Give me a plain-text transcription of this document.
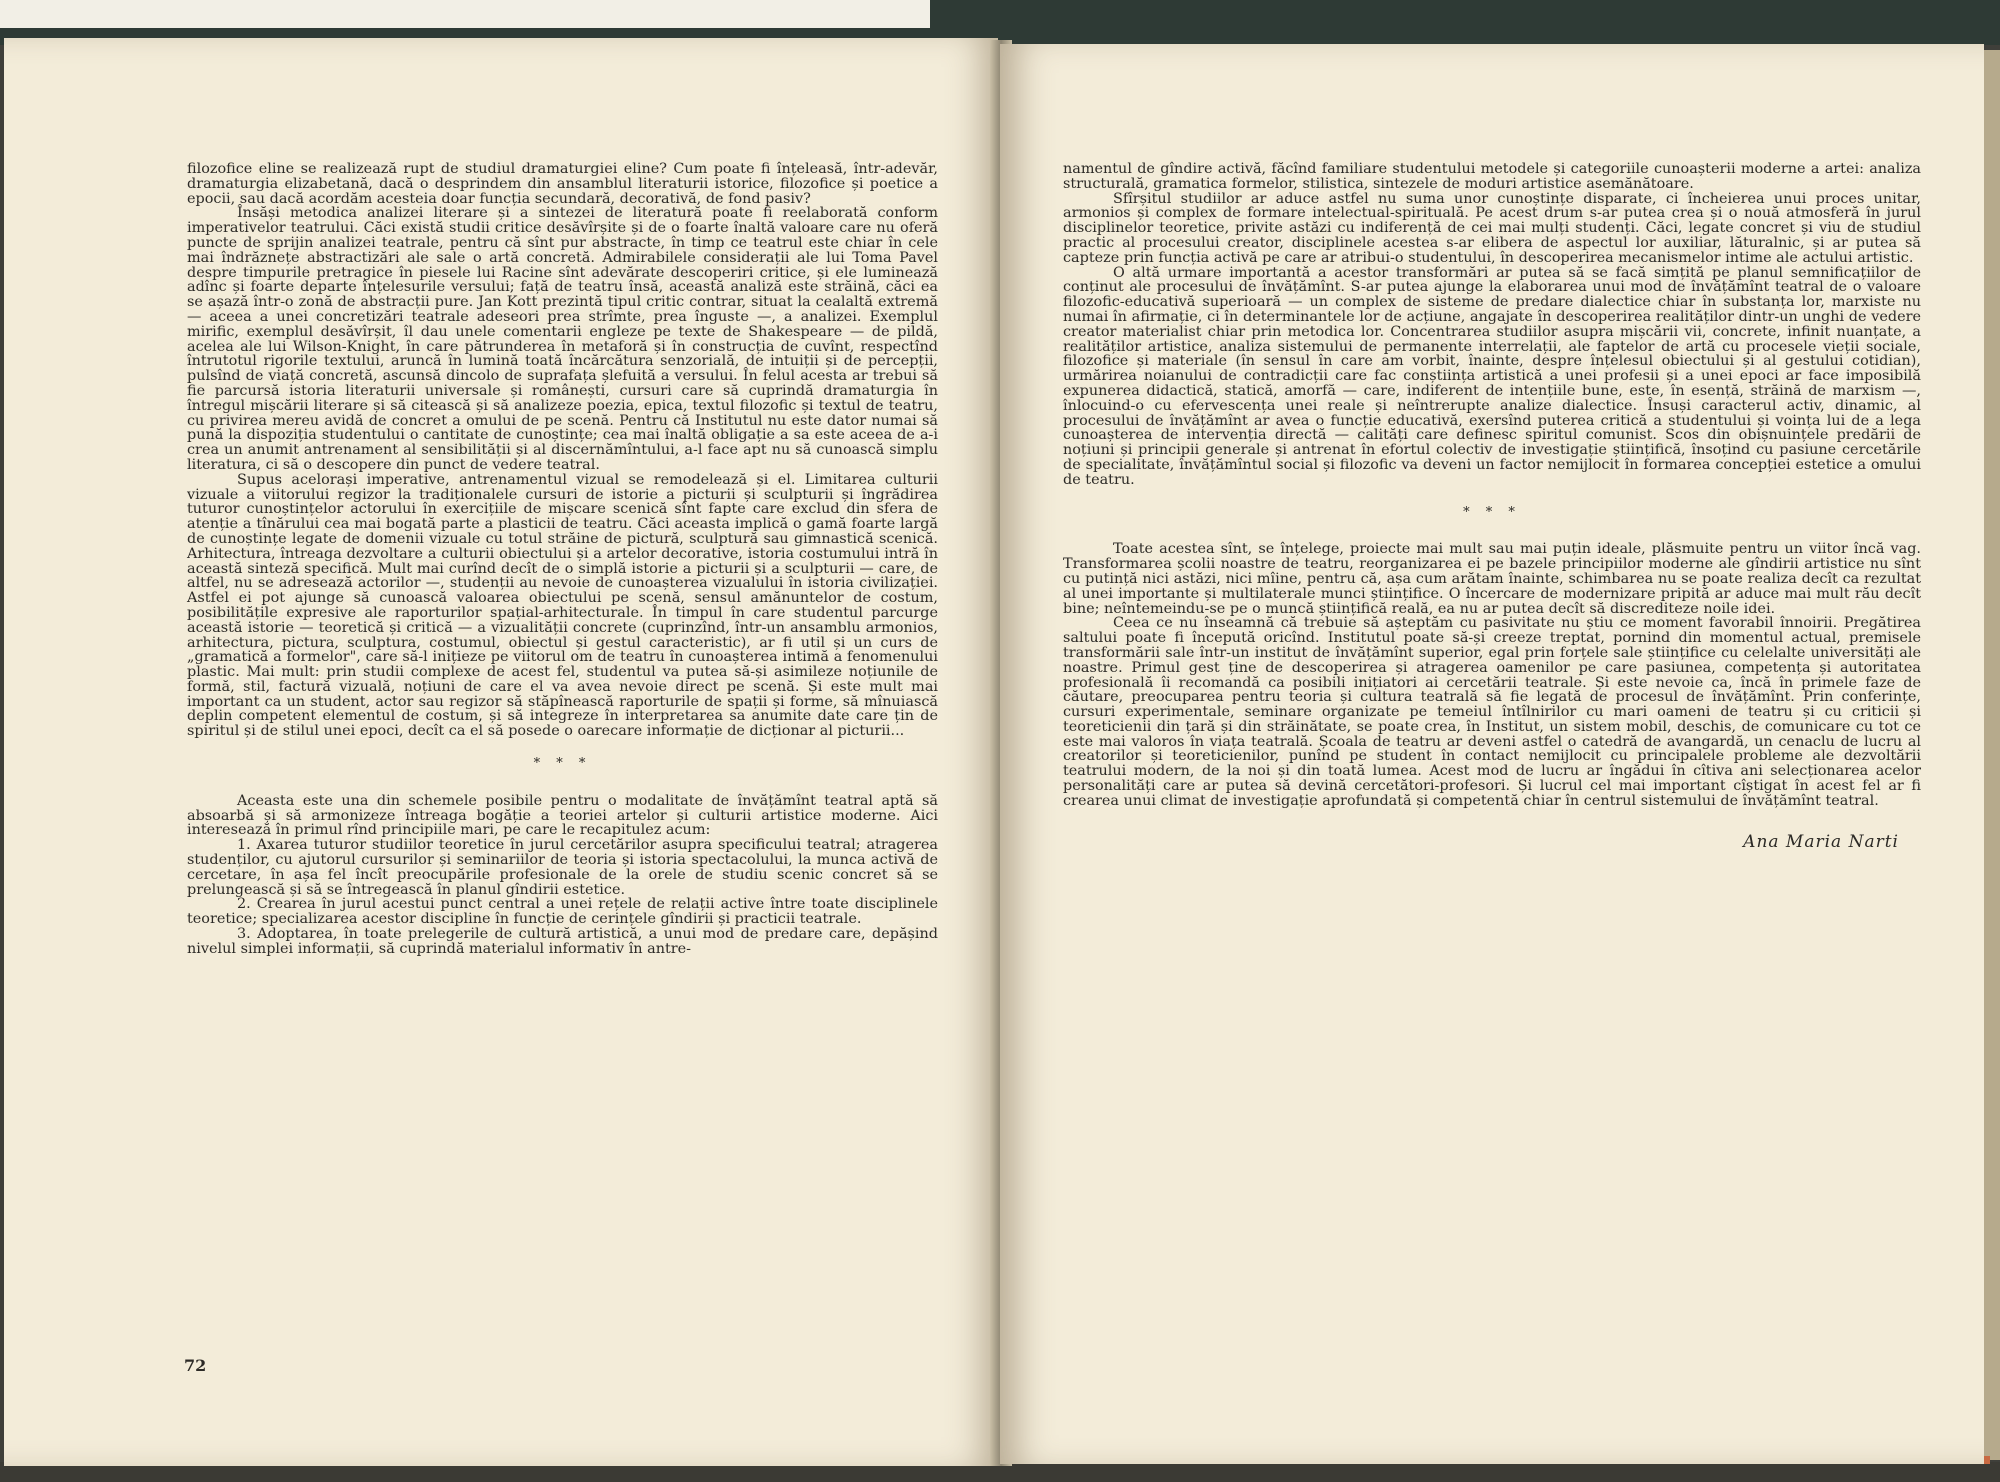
filozofice eline se realizează rupt de studiul dramaturgiei eline? Cum poate fi înțeleasă, într-adevăr, dramaturgia elizabetană, dacă o desprindem din ansamblul literaturii istorice, filozofice și poetice a epocii, sau dacă acordăm acesteia doar funcția secundară, decorativă, de fond pasiv?

Însăși metodica analizei literare și a sintezei de literatură poate fi reelaborată conform imperativelor teatrului. Căci există studii critice desăvîrșite și de o foarte înaltă valoare care nu oferă puncte de sprijin analizei teatrale, pentru că sînt pur abstracte, în timp ce teatrul este chiar în cele mai îndrăznețe abstractizări ale sale o artă concretă. Admirabilele considerații ale lui Toma Pavel despre timpurile pretragice în piesele lui Racine sînt adevărate descoperiri critice, și ele luminează adînc și foarte departe înțelesurile versului; față de teatru însă, această analiză este străină, căci ea se așază într-o zonă de abstracții pure. Jan Kott prezintă tipul critic contrar, situat la cealaltă extremă — aceea a unei concretizări teatrale adeseori prea strîmte, prea înguste —, a analizei. Exemplul mirific, exemplul desăvîrșit, îl dau unele comentarii engleze pe texte de Shakespeare — de pildă, acelea ale lui Wilson-Knight, în care pătrunderea în metaforă și în construcția de cuvînt, respectînd întrutotul rigorile textului, aruncă în lumină toată încărcătura senzorială, de intuiții și de percepții, pulsînd de viață concretă, ascunsă dincolo de suprafața șlefuită a versului. În felul acesta ar trebui să fie parcursă istoria literaturii universale și românești, cursuri care să cuprindă dramaturgia în întregul mișcării literare și să citească și să analizeze poezia, epica, textul filozofic și textul de teatru, cu privirea mereu avidă de concret a omului de pe scenă. Pentru că Institutul nu este dator numai să pună la dispoziția studentului o cantitate de cunoștințe; cea mai înaltă obligație a sa este aceea de a-i crea un anumit antrenament al sensibilității și al discernămîntului, a-l face apt nu să cunoască simplu literatura, ci să o descopere din punct de vedere teatral.

Supus acelorași imperative, antrenamentul vizual se remodelează și el. Limitarea culturii vizuale a viitorului regizor la tradiționalele cursuri de istorie a picturii și sculpturii și îngrădirea tuturor cunoștințelor actorului în exercițiile de mișcare scenică sînt fapte care exclud din sfera de atenție a tînărului cea mai bogată parte a plasticii de teatru. Căci aceasta implică o gamă foarte largă de cunoștințe legate de domenii vizuale cu totul străine de pictură, sculptură sau gimnastică scenică. Arhitectura, întreaga dezvoltare a culturii obiectului și a artelor decorative, istoria costumului intră în această sinteză specifică. Mult mai curînd decît de o simplă istorie a picturii și a sculpturii — care, de altfel, nu se adresează actorilor —, studenții au nevoie de cunoașterea vizualului în istoria civilizației. Astfel ei pot ajunge să cunoască valoarea obiectului pe scenă, sensul amănuntelor de costum, posibilitățile expresive ale raporturilor spațial-arhitecturale. În timpul în care studentul parcurge această istorie — teoretică și critică — a vizualității concrete (cuprinzînd, într-un ansamblu armonios, arhitectura, pictura, sculptura, costumul, obiectul și gestul caracteristic), ar fi util și un curs de „gramatică a formelor", care să-l inițieze pe viitorul om de teatru în cunoașterea intimă a fenomenului plastic. Mai mult: prin studii complexe de acest fel, studentul va putea să-și asimileze noțiunile de formă, stil, factură vizuală, noțiuni de care el va avea nevoie direct pe scenă. Și este mult mai important ca un student, actor sau regizor să stăpînească raporturile de spații și forme, să mînuiască deplin competent elementul de costum, și să integreze în interpretarea sa anumite date care țin de spiritul și de stilul unei epoci, decît ca el să posede o oarecare informație de dicționar al picturii...

* * *

Aceasta este una din schemele posibile pentru o modalitate de învățămînt teatral aptă să absoarbă și să armonizeze întreaga bogăție a teoriei artelor și culturii artistice moderne. Aici interesează în primul rînd principiile mari, pe care le recapitulez acum:

1. Axarea tuturor studiilor teoretice în jurul cercetărilor asupra specificului teatral; atragerea studenților, cu ajutorul cursurilor și seminariilor de teoria și istoria spectacolului, la munca activă de cercetare, în așa fel încît preocupările profesionale de la orele de studiu scenic concret să se prelungească și să se întregească în planul gîndirii estetice.

2. Crearea în jurul acestui punct central a unei rețele de relații active între toate disciplinele teoretice; specializarea acestor discipline în funcție de cerințele gîndirii și practicii teatrale.

3. Adoptarea, în toate prelegerile de cultură artistică, a unui mod de predare care, depășind nivelul simplei informații, să cuprindă materialul informativ în antre-

72

namentul de gîndire activă, făcînd familiare studentului metodele și categoriile cunoașterii moderne a artei: analiza structurală, gramatica formelor, stilistica, sintezele de moduri artistice asemănătoare.

Sfîrșitul studiilor ar aduce astfel nu suma unor cunoștințe disparate, ci încheierea unui proces unitar, armonios și complex de formare intelectual-spirituală. Pe acest drum s-ar putea crea și o nouă atmosferă în jurul disciplinelor teoretice, privite astăzi cu indiferență de cei mai mulți studenți. Căci, legate concret și viu de studiul practic al procesului creator, disciplinele acestea s-ar elibera de aspectul lor auxiliar, lăturalnic, și ar putea să capteze prin funcția activă pe care ar atribui-o studentului, în descoperirea mecanismelor intime ale actului artistic.

O altă urmare importantă a acestor transformări ar putea să se facă simțită pe planul semnificațiilor de conținut ale procesului de învățămînt. S-ar putea ajunge la elaborarea unui mod de învățămînt teatral de o valoare filozofic-educativă superioară — un complex de sisteme de predare dialectice chiar în substanța lor, marxiste nu numai în afirmație, ci în determinantele lor de acțiune, angajate în descoperirea realităților dintr-un unghi de vedere creator materialist chiar prin metodica lor. Concentrarea studiilor asupra mișcării vii, concrete, infinit nuanțate, a realităților artistice, analiza sistemului de permanente interrelații, ale faptelor de artă cu procesele vieții sociale, filozofice și materiale (în sensul în care am vorbit, înainte, despre înțelesul obiectului și al gestului cotidian), urmărirea noianului de contradicții care fac conștiința artistică a unei profesii și a unei epoci ar face imposibilă expunerea didactică, statică, amorfă — care, indiferent de intențiile bune, este, în esență, străină de marxism —, înlocuind-o cu efervescența unei reale și neîntrerupte analize dialectice. Însuși caracterul activ, dinamic, al procesului de învățămînt ar avea o funcție educativă, exersînd puterea critică a studentului și voința lui de a lega cunoașterea de intervenția directă — calități care definesc spiritul comunist. Scos din obișnuințele predării de noțiuni și principii generale și antrenat în efortul colectiv de investigație științifică, însoțind cu pasiune cercetările de specialitate, învățămîntul social și filozofic va deveni un factor nemijlocit în formarea concepției estetice a omului de teatru.

* * *

Toate acestea sînt, se înțelege, proiecte mai mult sau mai puțin ideale, plăsmuite pentru un viitor încă vag. Transformarea școlii noastre de teatru, reorganizarea ei pe bazele principiilor moderne ale gîndirii artistice nu sînt cu putință nici astăzi, nici mîine, pentru că, așa cum arătam înainte, schimbarea nu se poate realiza decît ca rezultat al unei importante și multilaterale munci științifice. O încercare de modernizare pripită ar aduce mai mult rău decît bine; neîntemeindu-se pe o muncă științifică reală, ea nu ar putea decît să discrediteze noile idei.

Ceea ce nu înseamnă că trebuie să așteptăm cu pasivitate nu știu ce moment favorabil înnoirii. Pregătirea saltului poate fi începută oricînd. Institutul poate să-și creeze treptat, pornind din momentul actual, premisele transformării sale într-un institut de învățămînt superior, egal prin forțele sale științifice cu celelalte universități ale noastre. Primul gest ține de descoperirea și atragerea oamenilor pe care pasiunea, competența și autoritatea profesională îi recomandă ca posibili inițiatori ai cercetării teatrale. Și este nevoie ca, încă în primele faze de căutare, preocuparea pentru teoria și cultura teatrală să fie legată de procesul de învățămînt. Prin conferințe, cursuri experimentale, seminare organizate pe temeiul întîlnirilor cu mari oameni de teatru și cu criticii și teoreticienii din țară și din străinătate, se poate crea, în Institut, un sistem mobil, deschis, de comunicare cu tot ce este mai valoros în viața teatrală. Școala de teatru ar deveni astfel o catedră de avangardă, un cenaclu de lucru al creatorilor și teoreticienilor, punînd pe student în contact nemijlocit cu principalele probleme ale dezvoltării teatrului modern, de la noi și din toată lumea. Acest mod de lucru ar îngădui în cîtiva ani selecționarea acelor personalități care ar putea să devină cercetători-profesori. Și lucrul cel mai important cîștigat în acest fel ar fi crearea unui climat de investigație aprofundată și competentă chiar în centrul sistemului de învățămînt teatral.

Ana Maria Narti
